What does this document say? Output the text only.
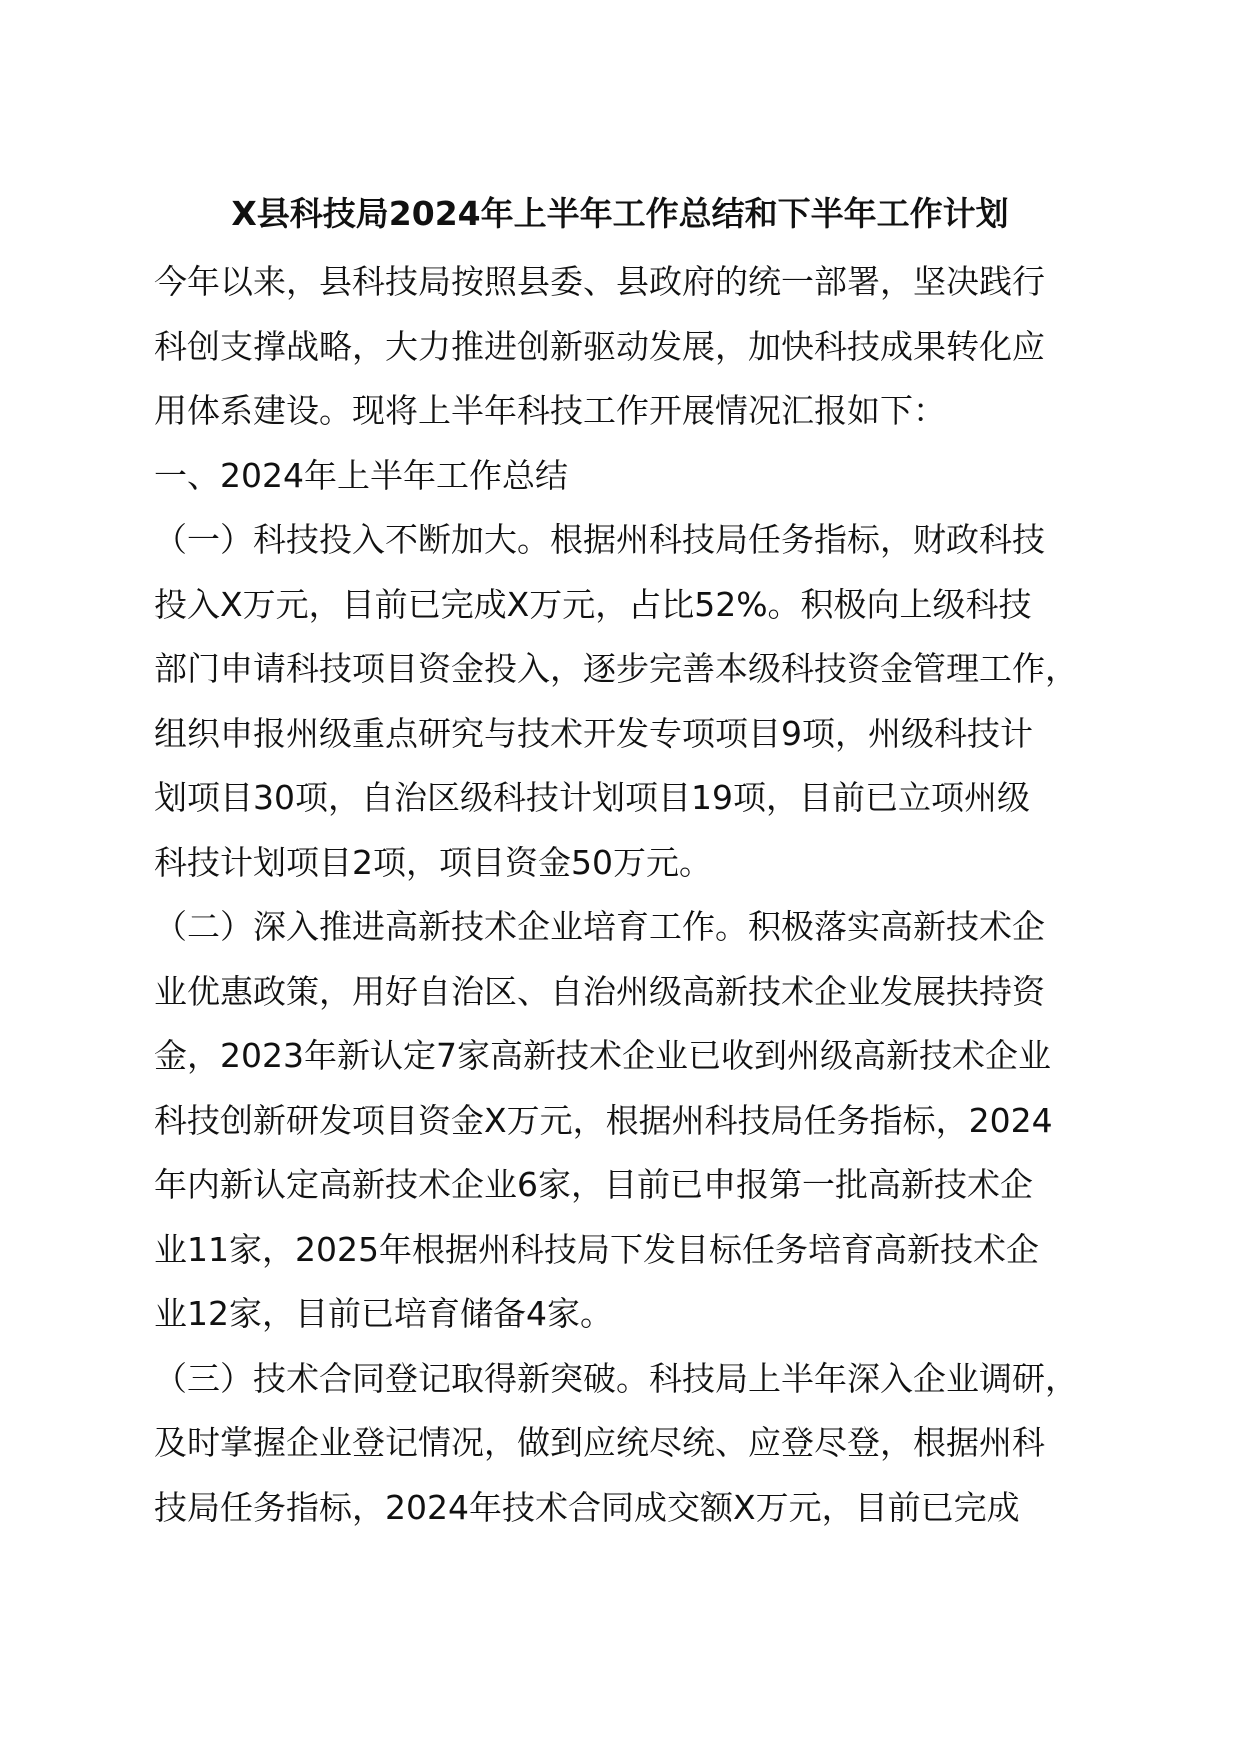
X县科技局2024年上半年工作总结和下半年工作计划
今年以来，县科技局按照县委、县政府的统一部署，坚决践行
科创支撑战略，大力推进创新驱动发展，加快科技成果转化应
用体系建设。现将上半年科技工作开展情况汇报如下：
一、2024年上半年工作总结
（一）科技投入不断加大。根据州科技局任务指标，财政科技
投入X万元，目前已完成X万元，占比52%。积极向上级科技
部门申请科技项目资金投入，逐步完善本级科技资金管理工作，
组织申报州级重点研究与技术开发专项项目9项，州级科技计
划项目30项，自治区级科技计划项目19项，目前已立项州级
科技计划项目2项，项目资金50万元。
（二）深入推进高新技术企业培育工作。积极落实高新技术企
业优惠政策，用好自治区、自治州级高新技术企业发展扶持资
金，2023年新认定7家高新技术企业已收到州级高新技术企业
科技创新研发项目资金X万元，根据州科技局任务指标，2024
年内新认定高新技术企业6家，目前已申报第一批高新技术企
业11家，2025年根据州科技局下发目标任务培育高新技术企
业12家，目前已培育储备4家。
（三）技术合同登记取得新突破。科技局上半年深入企业调研，
及时掌握企业登记情况，做到应统尽统、应登尽登，根据州科
技局任务指标，2024年技术合同成交额X万元，目前已完成
